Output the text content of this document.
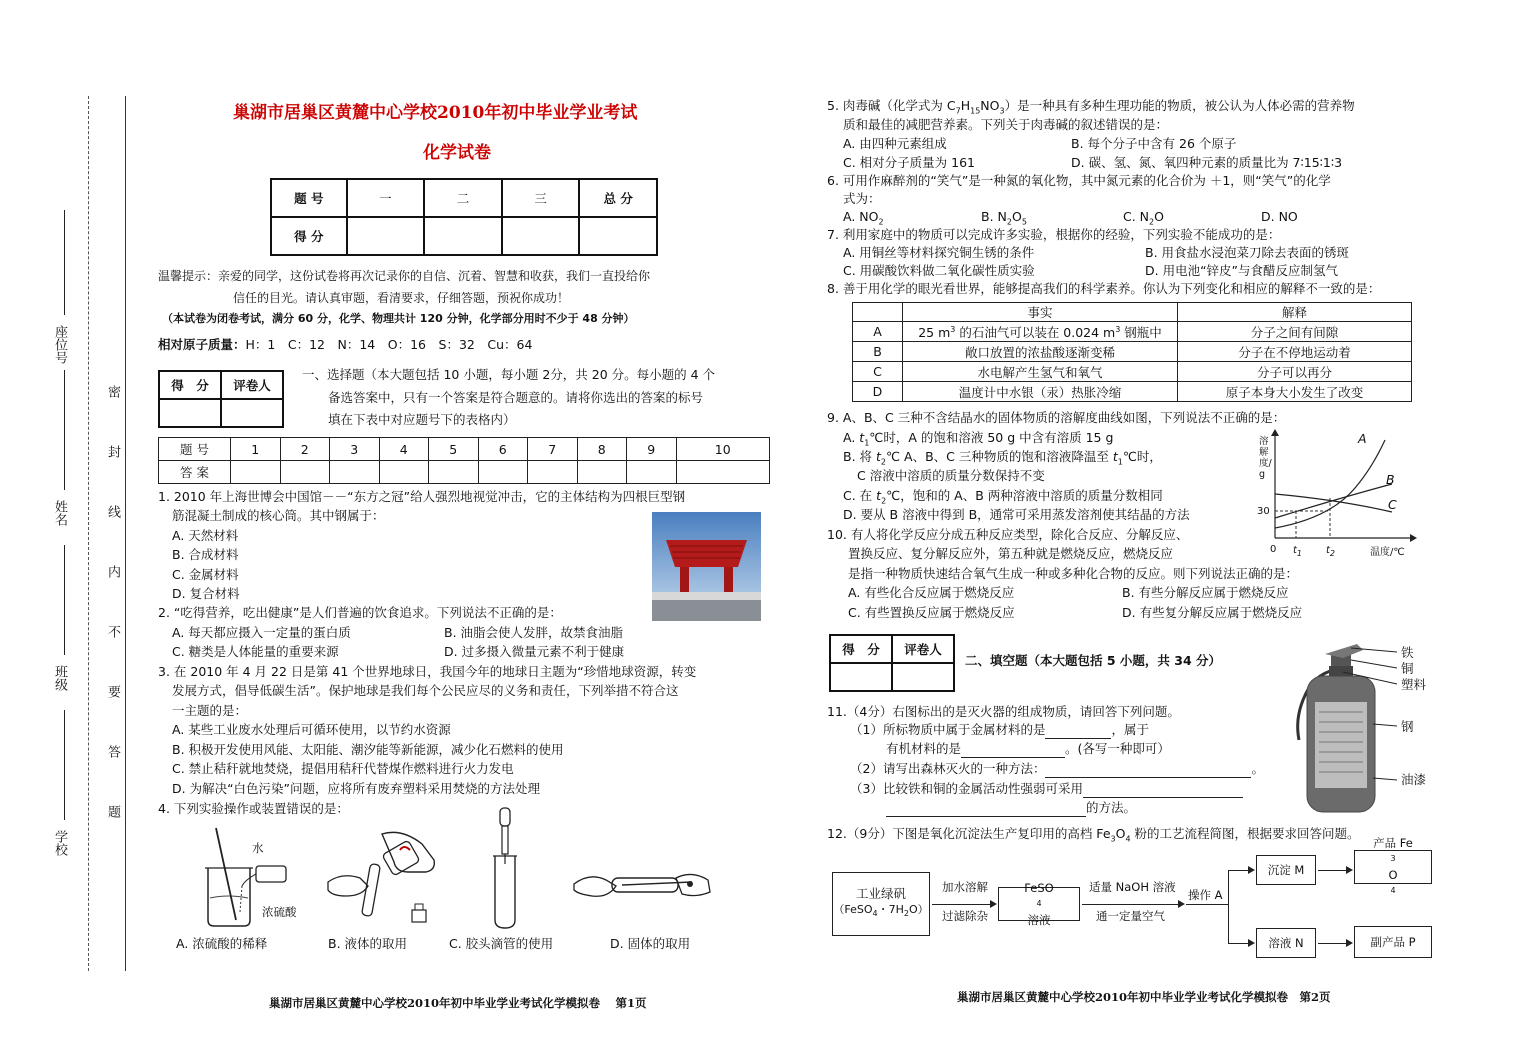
座位号
姓名
班级
学校
密　封　线　内　不　要　答　题
巢湖市居巢区黄麓中心学校2010年初中毕业学业考试
化学试卷
题 号	一	二	三	总 分
得 分				
温馨提示：亲爱的同学，这份试卷将再次记录你的自信、沉着、智慧和收获，我们一直投给你
信任的目光。请认真审题，看清要求，仔细答题，预祝你成功！
（本试卷为闭卷考试，满分 60 分，化学、物理共计 120 分钟，化学部分用时不少于 48 分钟）
相对原子质量：H：1　C：12　N：14　O：16　S：32　Cu：64
得　分	评卷人

一、选择题（本大题包括 10 小题，每小题 2分，共 20 分。每小题的 4 个
备选答案中，只有一个答案是符合题意的。请将你选出的答案的标号
填在下表中对应题号下的表格内）
题 号	1	2	3	4	5	6	7	8	9	10
答 案										
1. 2010 年上海世博会中国馆－－“东方之冠”给人强烈地视觉冲击，它的主体结构为四根巨型钢
筋混凝土制成的核心筒。其中钢属于：
A. 天然材料
B. 合成材料
C. 金属材料
D. 复合材料
2. “吃得营养，吃出健康”是人们普遍的饮食追求。下列说法不正确的是：
A. 每天都应摄入一定量的蛋白质	B. 油脂会使人发胖，故禁食油脂
C. 糖类是人体能量的重要来源	D. 过多摄入微量元素不利于健康
3. 在 2010 年 4 月 22 日是第 41 个世界地球日，我国今年的地球日主题为“珍惜地球资源，转变
发展方式，倡导低碳生活”。保护地球是我们每个公民应尽的义务和责任，下列举措不符合这
一主题的是：
A. 某些工业废水处理后可循环使用，以节约水资源
B. 积极开发使用风能、太阳能、潮汐能等新能源，减少化石燃料的使用
C. 禁止秸秆就地焚烧，提倡用秸秆代替煤作燃料进行火力发电
D. 为解决“白色污染”问题，应将所有废弃塑料采用焚烧的方法处理
4. 下列实验操作或装置错误的是：
水
浓硫酸
A. 浓硫酸的稀释	B. 液体的取用	C. 胶头滴管的使用	D. 固体的取用
巢湖市居巢区黄麓中心学校2010年初中毕业学业考试化学模拟卷　 第1页
5. 肉毒碱（化学式为 $C_7H_{15}NO_3$）是一种具有多种生理功能的物质，被公认为人体必需的营养物
质和最佳的减肥营养素。下列关于肉毒碱的叙述错误的是：
A. 由四种元素组成	B. 每个分子中含有 26 个原子
C. 相对分子质量为 161	D. 碳、氢、氮、氧四种元素的质量比为 7∶15∶1∶3
6. 可用作麻醉剂的“笑气”是一种氮的氧化物，其中氮元素的化合价为 ＋1，则“笑气”的化学
式为：
A. $NO_2$	B. $N_2O_5$	C. $N_2O$	D. NO
7. 利用家庭中的物质可以完成许多实验，根据你的经验，下列实验不能成功的是：
A. 用铜丝等材料探究铜生锈的条件	B. 用食盐水浸泡菜刀除去表面的锈斑
C. 用碳酸饮料做二氧化碳性质实验	D. 用电池“锌皮”与食醋反应制氢气
8. 善于用化学的眼光看世界，能够提高我们的科学素养。你认为下列变化和相应的解释不一致的是：
	事实	解释
A	25 $m^3$ 的石油气可以装在 0.024 $m^3$ 钢瓶中	分子之间有间隙
B	敞口放置的浓盐酸逐渐变稀	分子在不停地运动着
C	水电解产生氢气和氧气	分子可以再分
D	温度计中水银（汞）热胀冷缩	原子本身大小发生了改变
9. A、B、C 三种不含结晶水的固体物质的溶解度曲线如图，下列说法不正确的是：
A. $t_1℃$时，A 的饱和溶液 50 g 中含有溶质 15 g
B. 将 $t_2℃$ A、B、C 三种物质的饱和溶液降温至 $t_1℃$时，
C 溶液中溶质的质量分数保持不变
C. 在 $t_2℃$，饱和的 A、B 两种溶液中溶质的质量分数相同
D. 要从 B 溶液中得到 B，通常可采用蒸发溶剂使其结晶的方法
溶解度/g
30
0 $t_1$ $t_2$	温度/℃
A
B
C
10. 有人将化学反应分成五种反应类型，除化合反应、分解反应、
置换反应、复分解反应外，第五种就是燃烧反应，燃烧反应
是指一种物质快速结合氧气生成一种或多种化合物的反应。则下列说法正确的是：
A. 有些化合反应属于燃烧反应	B. 有些分解反应属于燃烧反应
C. 有些置换反应属于燃烧反应	D. 有些复分解反应属于燃烧反应
得　分	评卷人

二、填空题（本大题包括 5 小题，共 34 分）
铁
铜
塑料
钢
油漆
11.（4分）右图标出的是灭火器的组成物质，请回答下列问题。
（1）所标物质中属于金属材料的是	，属于
有机材料的是	。(各写一种即可）
（2）请写出森林灭火的一种方法：	。
（3）比较铁和铜的金属活动性强弱可采用
的方法。
12.（9分）下图是氧化沉淀法生产复印用的高档 $Fe_3O_4$ 粉的工艺流程简图，根据要求回答问题。
工业绿矾
（FeSO$_4$・$7H_2O$）
加水溶解
过滤除杂
FeSO
4
溶液
适量 NaOH 溶液
通一定量空气
操作 A
沉淀 M
产品 Fe
3
O
4
溶液 N	副产品 P
巢湖市居巢区黄麓中心学校2010年初中毕业学业考试化学模拟卷　第2页
